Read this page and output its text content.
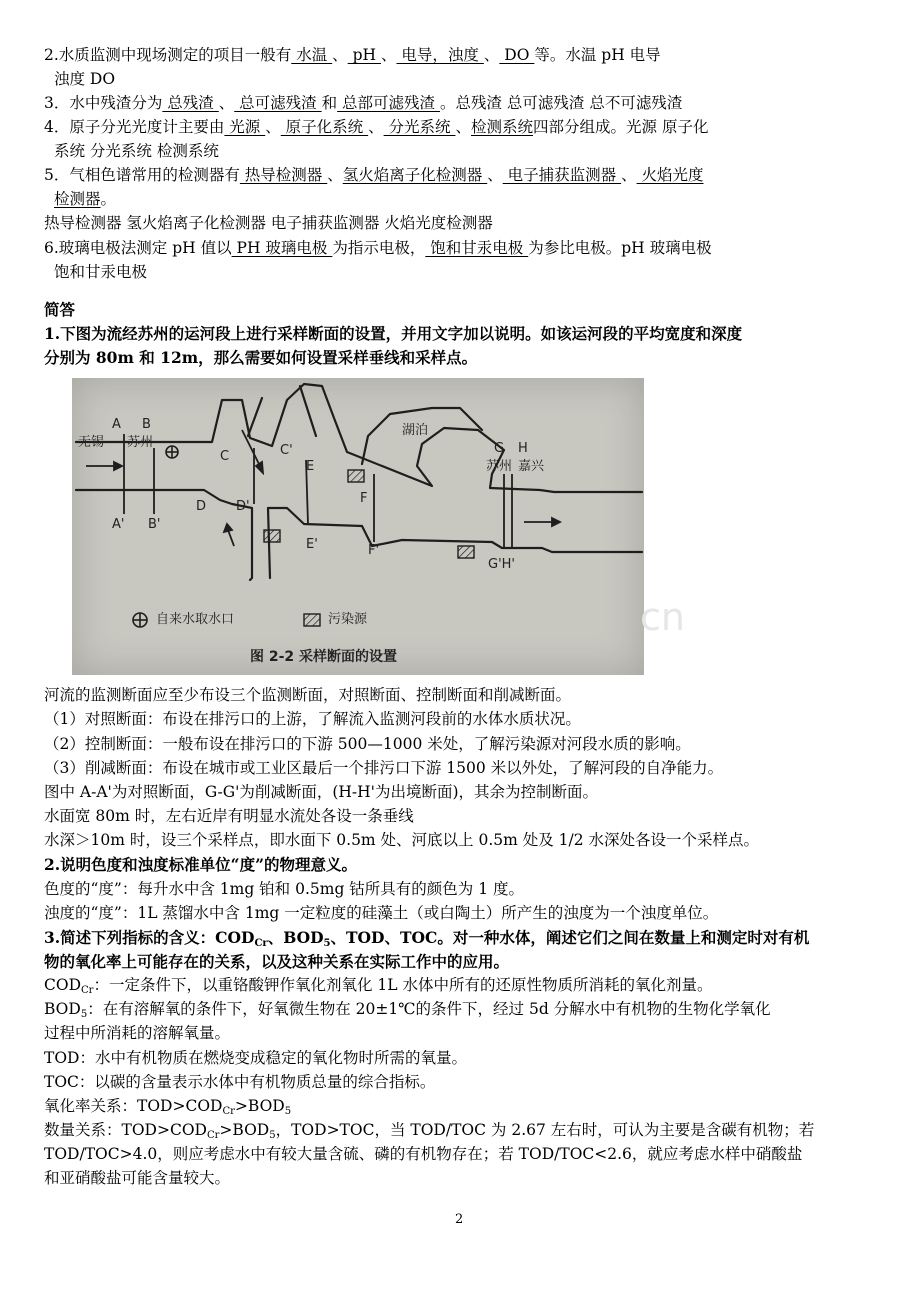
2.水质监测中现场测定的项目一般有 水温 、 pH 、 电导，浊度 、 DO 等。水温 pH 电导
浊度 DO
3．水中残渣分为 总残渣 、 总可滤残渣 和 总部可滤残渣 。总残渣 总可滤残渣 总不可滤残渣
4．原子分光光度计主要由 光源 、 原子化系统 、 分光系统 、检测系统四部分组成。光源 原子化
系统 分光系统 检测系统
5．气相色谱常用的检测器有 热导检测器 、氢火焰离子化检测器 、 电子捕获监测器 、 火焰光度
检测器。
热导检测器 氢火焰离子化检测器 电子捕获监测器 火焰光度检测器
6.玻璃电极法测定 pH 值以 PH 玻璃电极 为指示电极， 饱和甘汞电极 为参比电极。pH 玻璃电极
饱和甘汞电极
简答
1.下图为流经苏州的运河段上进行采样断面的设置，并用文字加以说明。如该运河段的平均宽度和深度
分别为 80m 和 12m，那么需要如何设置采样垂线和采样点。
A B
无锡 苏州
A' B'
C	C'
D D'
E
E'
F
F'
湖泊
G H
苏州 嘉兴
G'H'
自来水取水口	污染源
图 2-2 采样断面的设置
cn
河流的监测断面应至少布设三个监测断面，对照断面、控制断面和削减断面。
（1）对照断面：布设在排污口的上游，了解流入监测河段前的水体水质状况。
（2）控制断面：一般布设在排污口的下游 500—1000 米处，了解污染源对河段水质的影响。
（3）削减断面：布设在城市或工业区最后一个排污口下游 1500 米以外处，了解河段的自净能力。
图中 A-A'为对照断面，G-G'为削减断面，(H-H'为出境断面)，其余为控制断面。
水面宽 80m 时，左右近岸有明显水流处各设一条垂线
水深＞10m 时，设三个采样点，即水面下 0.5m 处、河底以上 0.5m 处及 1/2 水深处各设一个采样点。
2.说明色度和浊度标准单位“度”的物理意义。
色度的“度”：每升水中含 1mg 铂和 0.5mg 钴所具有的颜色为 1 度。
浊度的“度”：1L 蒸馏水中含 1mg 一定粒度的硅藻土（或白陶土）所产生的浊度为一个浊度单位。
3.简述下列指标的含义：$COD_{Cr}$、$BOD_5$、TOD、TOC。对一种水体，阐述它们之间在数量上和测定时对有机
物的氧化率上可能存在的关系，以及这种关系在实际工作中的应用。
$COD_{Cr}$：一定条件下，以重铬酸钾作氧化剂氧化 1L 水体中所有的还原性物质所消耗的氧化剂量。
$BOD_5$：在有溶解氧的条件下，好氧微生物在 20±1℃的条件下，经过 5d 分解水中有机物的生物化学氧化
过程中所消耗的溶解氧量。
TOD：水中有机物质在燃烧变成稳定的氧化物时所需的氧量。
TOC：以碳的含量表示水体中有机物质总量的综合指标。
氧化率关系：$TOD>COD_{Cr}>BOD_5$
数量关系：$TOD>COD_{Cr}>BOD_5$，TOD>TOC，当 TOD/TOC 为 2.67 左右时，可认为主要是含碳有机物；若
TOD/TOC>4.0，则应考虑水中有较大量含硫、磷的有机物存在；若 TOD/TOC<2.6，就应考虑水样中硝酸盐
和亚硝酸盐可能含量较大。
2
